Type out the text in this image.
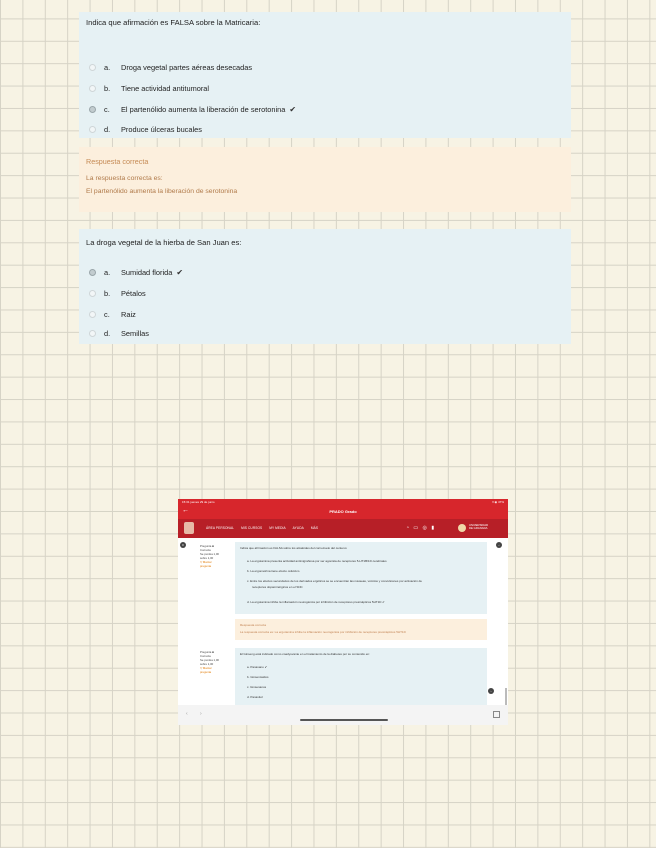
Indica que afirmación es FALSA sobre la Matricaria:
a.	Droga vegetal partes aéreas desecadas
b.	Tiene actividad antitumoral
c.	El partenólido aumenta la liberación de serotonina ✔
d.	Produce úlceras bucales
Respuesta correcta
La respuesta correcta es:
El partenólido aumenta la liberación de serotonina
La droga vegetal de la hierba de San Juan es:
a.	Sumidad florida ✔
b.	Pétalos
c.	Raiz
d.	Semillas
15:31 jueves 29 de junio	▾ ◉ 47%
←	PRADO Grado
ÁREA PERSONAL MIS CURSOS MY MEDIA AYUDA MÁS	◔ ▭ ◎ ▮	UNIVERSIDAD
DE GRANADA
≡	‹
Pregunta ■
Correcta
Se puntúa 1,00
sobre 1,00
▽ Marcar
pregunta
Indica que afirmación es FALSA sobre los alcaloides del cornezuelo del centeno:
a. La ergotamina presenta actividad antimigrañosa por ser agonista de receptores 5-HT1B/1D cerebrales
b. La ergometrina tiene efecto oxitócico
c. Entre los efectos secundarios de los derivados ergóticos se se encuentran las náuseas, vómitos y convulsiones por activación de
receptores dopaminérgicos en el SNC
d. La ergotamina inhibe la inflamación neurogénica por inhibición de receptores presinápticos 5HT1D ✔
Respuesta correcta
La respuesta correcta es: La ergotamina inhibe la inflamación neurogénica por inhibición de receptores presinápticos 5HT1D
Pregunta ■
Correcta
Se puntúa 1,00
sobre 1,00
▽ Marcar
pregunta
El Ginseng está indicado como coadyuvante en el tratamiento de la diabetes por su contenido en:
a. Panaxano ✔
b. Ginsenósidos
c. Ginsenanos
d. Panaxitol
›
‹ ›
